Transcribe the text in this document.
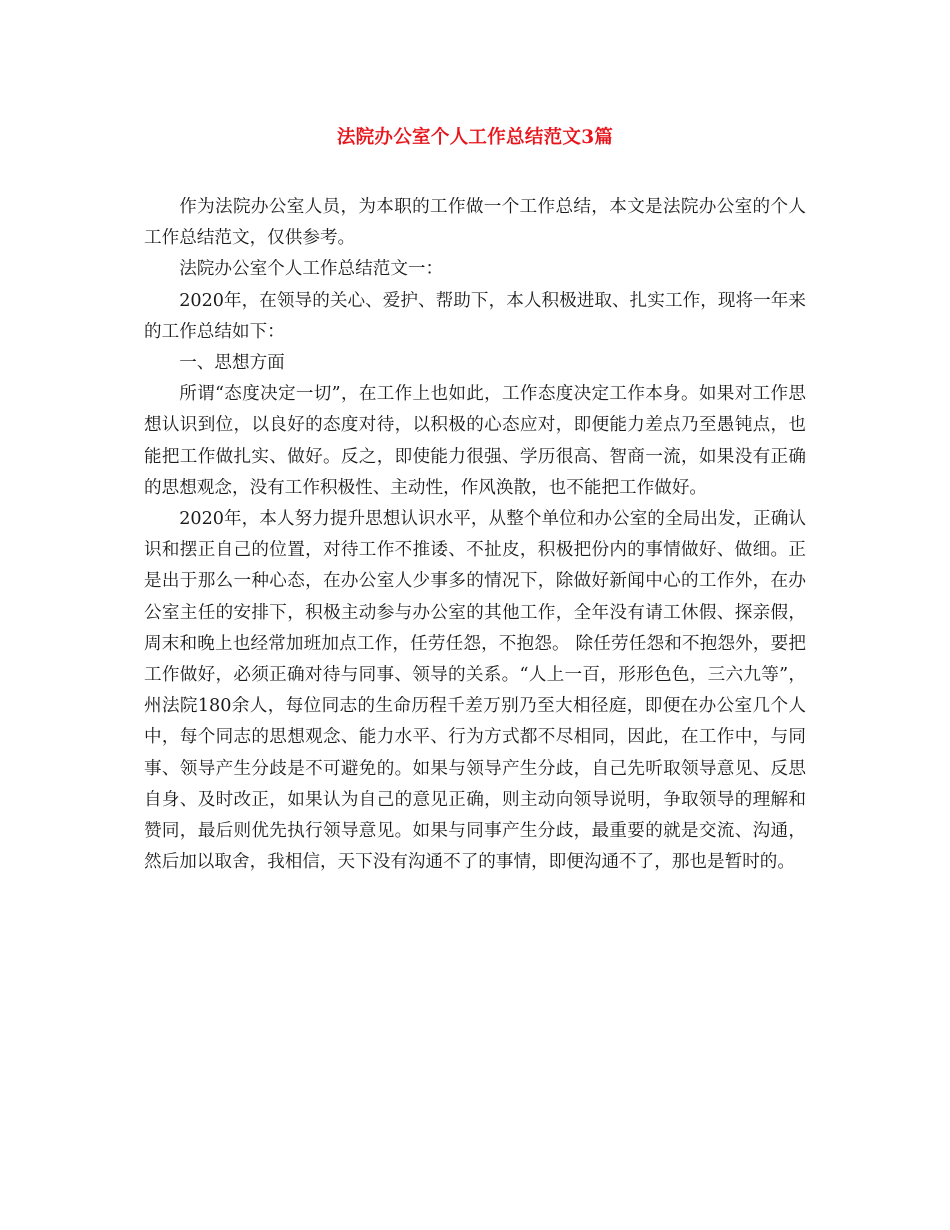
法院办公室个人工作总结范文3篇

作为法院办公室人员，为本职的工作做一个工作总结，本文是法院办公室的个人工作总结范文，仅供参考。

法院办公室个人工作总结范文一：

2020年，在领导的关心、爱护、帮助下，本人积极进取、扎实工作，现将一年来的工作总结如下：

一、思想方面

所谓“态度决定一切”，在工作上也如此，工作态度决定工作本身。如果对工作思想认识到位，以良好的态度对待，以积极的心态应对，即便能力差点乃至愚钝点，也能把工作做扎实、做好。反之，即使能力很强、学历很高、智商一流，如果没有正确的思想观念，没有工作积极性、主动性，作风涣散，也不能把工作做好。

2020年，本人努力提升思想认识水平，从整个单位和办公室的全局出发，正确认识和摆正自己的位置，对待工作不推诿、不扯皮，积极把份内的事情做好、做细。正是出于那么一种心态，在办公室人少事多的情况下，除做好新闻中心的工作外，在办公室主任的安排下，积极主动参与办公室的其他工作，全年没有请工休假、探亲假，周末和晚上也经常加班加点工作，任劳任怨，不抱怨。 除任劳任怨和不抱怨外，要把工作做好，必须正确对待与同事、领导的关系。“人上一百，形形色色，三六九等”，州法院180余人，每位同志的生命历程千差万别乃至大相径庭，即便在办公室几个人中，每个同志的思想观念、能力水平、行为方式都不尽相同，因此，在工作中，与同事、领导产生分歧是不可避免的。如果与领导产生分歧，自己先听取领导意见、反思自身、及时改正，如果认为自己的意见正确，则主动向领导说明，争取领导的理解和赞同，最后则优先执行领导意见。如果与同事产生分歧，最重要的就是交流、沟通，然后加以取舍，我相信，天下没有沟通不了的事情，即便沟通不了，那也是暂时的。
